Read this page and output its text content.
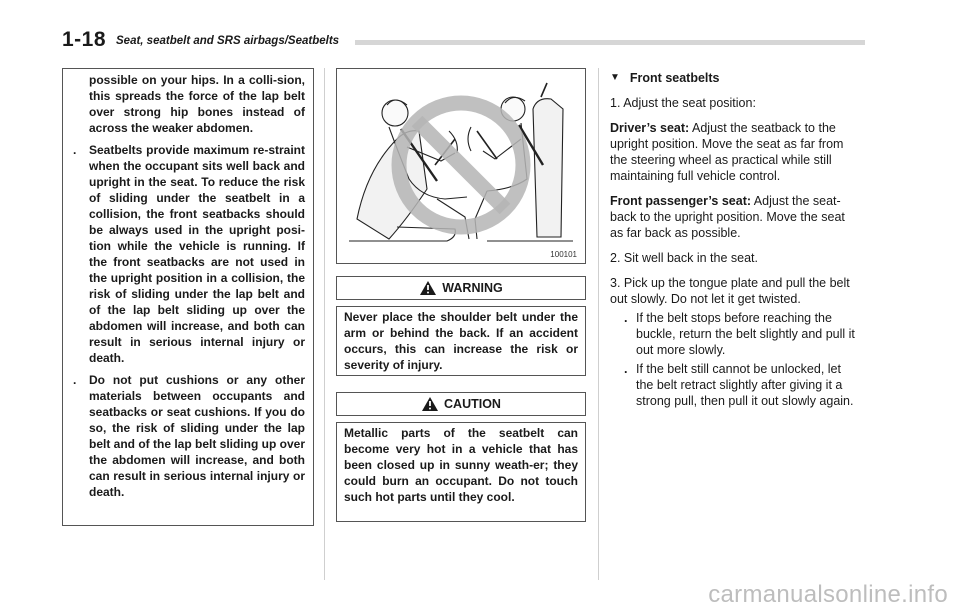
1-18 Seat, seatbelt and SRS airbags/Seatbelts

possible on your hips. In a colli-sion, this spreads the force of the lap belt over strong hip bones instead of across the weaker abdomen.

.	Seatbelts provide maximum re-straint when the occupant sits well back and upright in the seat. To reduce the risk of sliding under the seatbelt in a collision, the front seatbacks should be always used in the upright posi-tion while the vehicle is running. If the front seatbacks are not used in the upright position in a collision, the risk of sliding under the lap belt and of the lap belt sliding up over the abdomen will increase, and both can result in serious internal injury or death.
.	Do not put cushions or any other materials between occupants and seatbacks or seat cushions. If you do so, the risk of sliding under the lap belt and of the lap belt sliding up over the abdomen will increase, and both can result in serious internal injury or death.
100101
WARNING
Never place the shoulder belt under the arm or behind the back. If an accident occurs, this can increase the risk or severity of injury.
CAUTION
Metallic parts of the seatbelt can become very hot in a vehicle that has been closed up in sunny weath-er; they could burn an occupant. Do not touch such hot parts until they cool.
▼ Front seatbelts

1. Adjust the seat position:

Driver’s seat: Adjust the seatback to the upright position. Move the seat as far from the steering wheel as practical while still maintaining full vehicle control.

Front passenger’s seat: Adjust the seat-back to the upright position. Move the seat as far back as possible.

2. Sit well back in the seat.

3. Pick up the tongue plate and pull the belt out slowly. Do not let it get twisted.

. If the belt stops before reaching the buckle, return the belt slightly and pull it out more slowly.
. If the belt still cannot be unlocked, let the belt retract slightly after giving it a strong pull, then pull it out slowly again.
carmanualsonline.info
